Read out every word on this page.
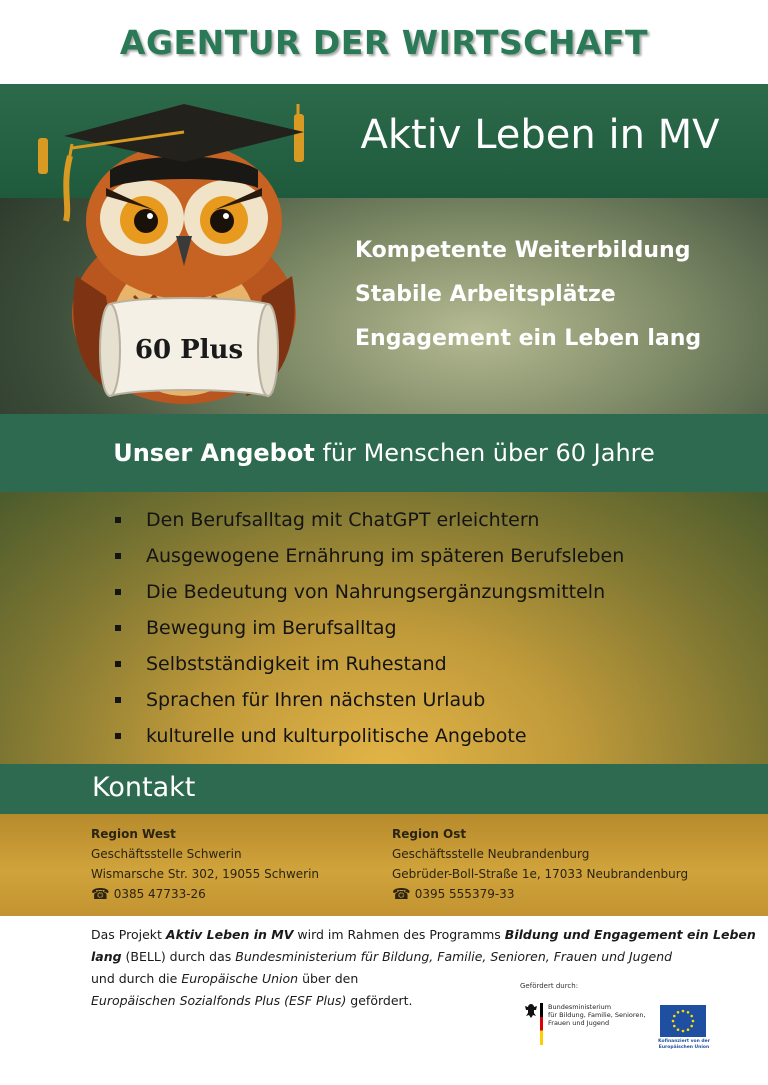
AGENTUR DER WIRTSCHAFT
Aktiv Leben in MV
60 Plus
Kompetente Weiterbildung
Stabile Arbeitsplätze
Engagement ein Leben lang
Unser Angebot für Menschen über 60 Jahre
Den Berufsalltag mit ChatGPT erleichtern
Ausgewogene Ernährung im späteren Berufsleben
Die Bedeutung von Nahrungsergänzungsmitteln
Bewegung im Berufsalltag
Selbstständigkeit im Ruhestand
Sprachen für Ihren nächsten Urlaub
kulturelle und kulturpolitische Angebote
Kontakt
Region West
Geschäftsstelle Schwerin
Wismarsche Str. 302, 19055 Schwerin
☎ 0385 47733-26
Region Ost
Geschäftsstelle Neubrandenburg
Gebrüder-Boll-Straße 1e, 17033 Neubrandenburg
☎ 0395 555379-33
Das Projekt Aktiv Leben in MV wird im Rahmen des Programms Bildung und Engagement ein Leben
lang (BELL) durch das Bundesministerium für Bildung, Familie, Senioren, Frauen und Jugend
und durch die Europäische Union über den
Europäischen Sozialfonds Plus (ESF Plus) gefördert.
Gefördert durch:
Bundesministerium
für Bildung, Familie, Senioren,
Frauen und Jugend
Kofinanziert von der Europäischen Union
